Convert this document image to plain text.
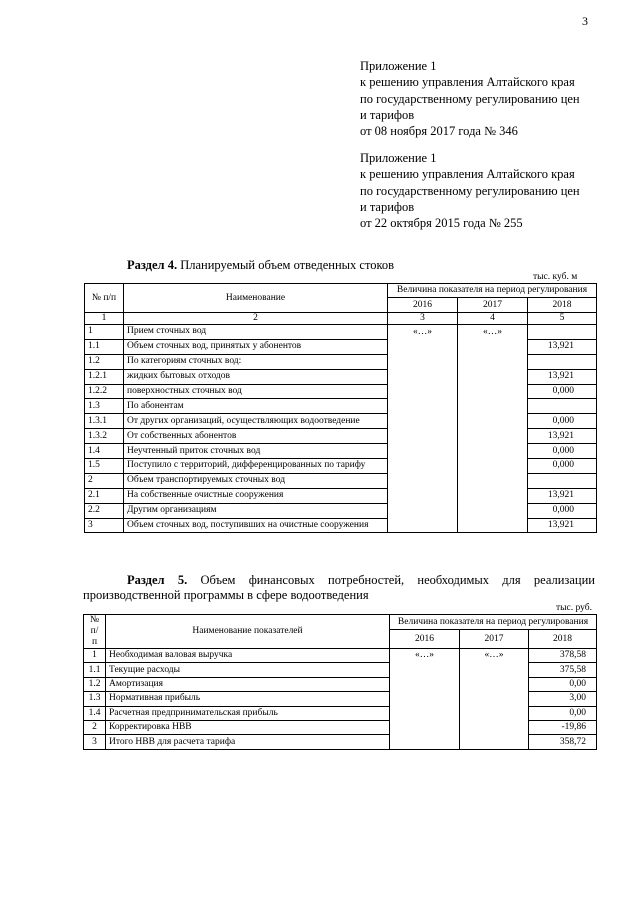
3
Приложение 1
к решению управления Алтайского края
по государственному регулированию цен
и тарифов
от 08 ноября 2017 года № 346
Приложение 1
к решению управления Алтайского края
по государственному регулированию цен
и тарифов
от 22 октября 2015 года № 255
Раздел 4. Планируемый объем отведенных стоков
тыс. куб. м
№ п/п	Наименование	Величина показателя на период регулирования		
		2016	2017	2018
1	2	3	4	5
1	Прием сточных вод	«…»	«…»	
1.1	Объем сточных вод, принятых у абонентов			13,921
1.2	По категориям сточных вод:			
1.2.1	жидких бытовых отходов			13,921
1.2.2	поверхностных сточных вод			0,000
1.3	По абонентам			
1.3.1	От других организаций, осуществляющих водоотведение			0,000
1.3.2	От собственных абонентов			13,921
1.4	Неучтенный приток сточных вод			0,000
1.5	Поступило с территорий, дифференцированных по тарифу			0,000
2	Объем транспортируемых сточных вод			
2.1	На собственные очистные сооружения			13,921
2.2	Другим организациям			0,000
3	Объем сточных вод, поступивших на очистные сооружения			13,921
Раздел 5. Объем финансовых потребностей, необходимых для реализации производственной программы в сфере водоотведения
тыс. руб.
№
п/
п	Наименование показателей	Величина показателя на период регулирования		
		2016	2017	2018
1	Необходимая валовая выручка	«…»	«…»	378,58
1.1	Текущие расходы			375,58
1.2	Амортизация			0,00
1.3	Нормативная прибыль			3,00
1.4	Расчетная предпринимательская прибыль			0,00
2	Корректировка НВВ			-19,86
3	Итого НВВ для расчета тарифа			358,72
